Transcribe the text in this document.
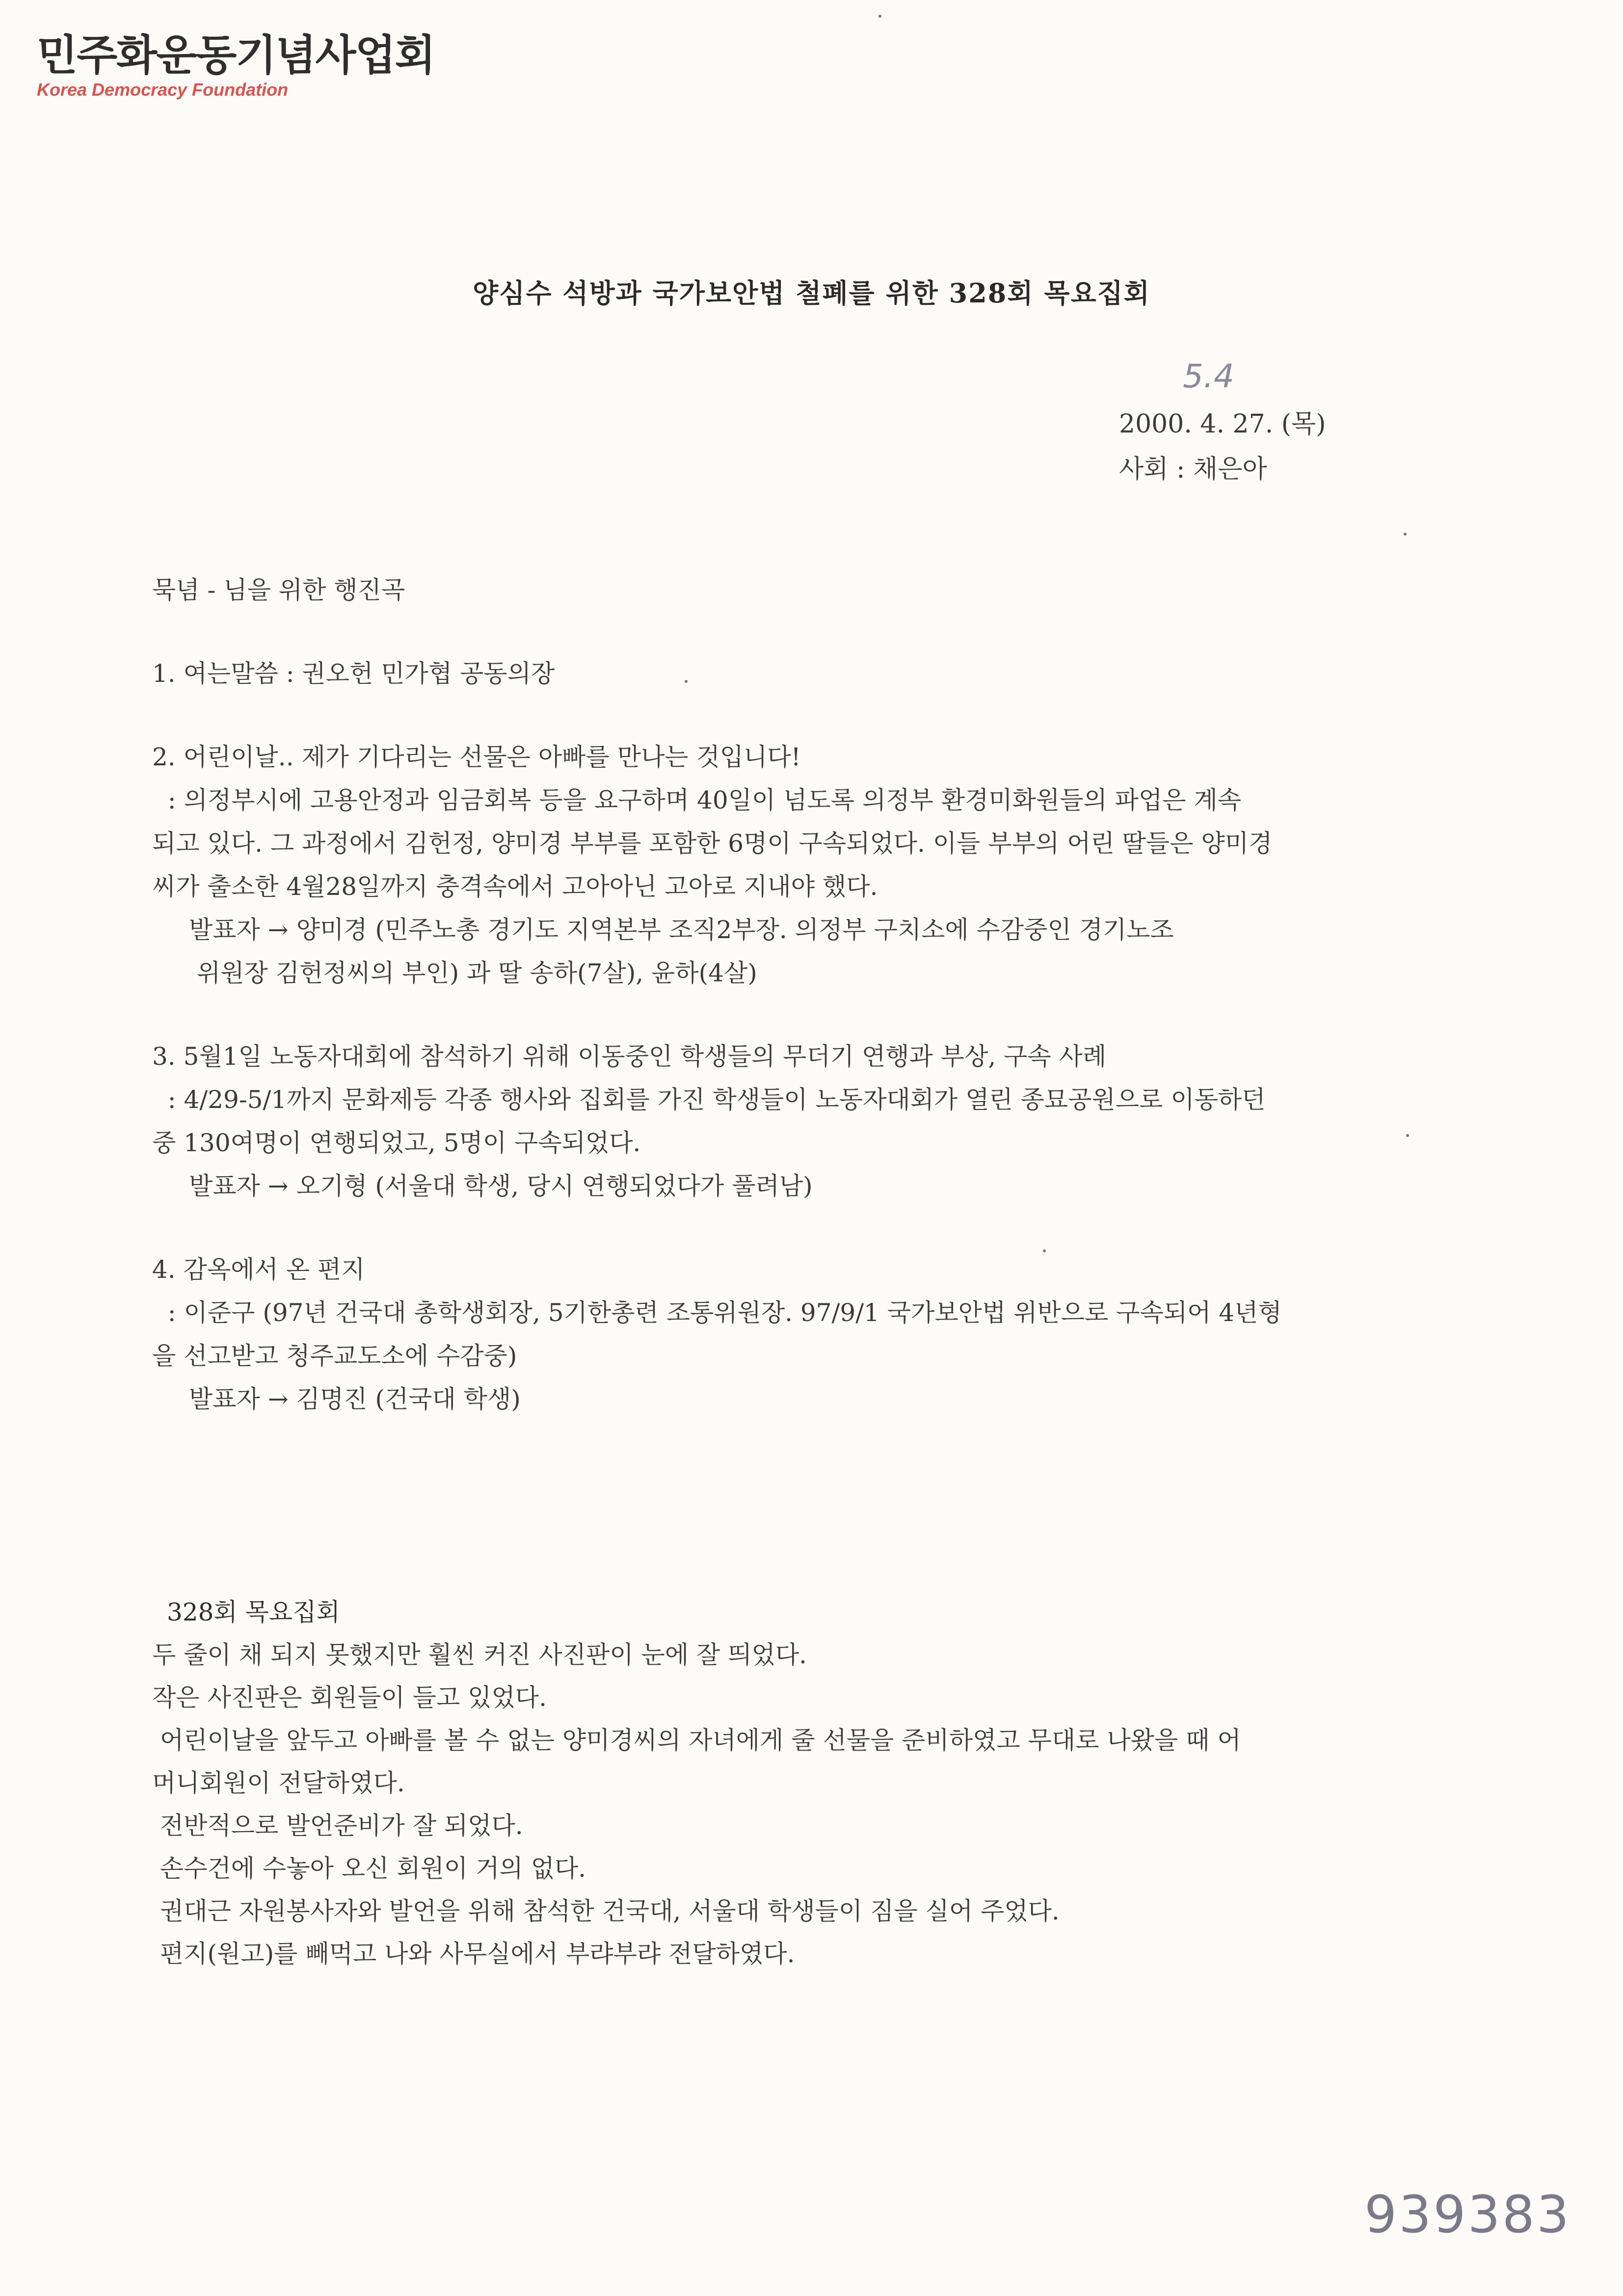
민주화운동기념사업회
Korea Democracy Foundation
양심수 석방과 국가보안법 철폐를 위한 328회 목요집회
5.4
2000. 4. 27. (목)
사회 : 채은아

묵념 - 님을 위한 행진곡

1. 여는말씀 : 권오헌 민가협 공동의장

2. 어린이날.. 제가 기다리는 선물은 아빠를 만나는 것입니다!

: 의정부시에 고용안정과 임금회복 등을 요구하며 40일이 넘도록 의정부 환경미화원들의 파업은 계속

되고 있다. 그 과정에서 김헌정, 양미경 부부를 포함한 6명이 구속되었다. 이들 부부의 어린 딸들은 양미경

씨가 출소한 4월28일까지 충격속에서 고아아닌 고아로 지내야 했다.

발표자 → 양미경 (민주노총 경기도 지역본부 조직2부장. 의정부 구치소에 수감중인 경기노조

위원장 김헌정씨의 부인) 과 딸 송하(7살), 윤하(4살)

3. 5월1일 노동자대회에 참석하기 위해 이동중인 학생들의 무더기 연행과 부상, 구속 사례

: 4/29-5/1까지 문화제등 각종 행사와 집회를 가진 학생들이 노동자대회가 열린 종묘공원으로 이동하던

중 130여명이 연행되었고, 5명이 구속되었다.

발표자 → 오기형 (서울대 학생, 당시 연행되었다가 풀려남)

4. 감옥에서 온 편지

: 이준구 (97년 건국대 총학생회장, 5기한총련 조통위원장. 97/9/1 국가보안법 위반으로 구속되어 4년형

을 선고받고 청주교도소에 수감중)

발표자 → 김명진 (건국대 학생)

328회 목요집회

두 줄이 채 되지 못했지만 훨씬 커진 사진판이 눈에 잘 띄었다.

작은 사진판은 회원들이 들고 있었다.

어린이날을 앞두고 아빠를 볼 수 없는 양미경씨의 자녀에게 줄 선물을 준비하였고 무대로 나왔을 때 어

머니회원이 전달하였다.

전반적으로 발언준비가 잘 되었다.

손수건에 수놓아 오신 회원이 거의 없다.

권대근 자원봉사자와 발언을 위해 참석한 건국대, 서울대 학생들이 짐을 실어 주었다.

편지(원고)를 빼먹고 나와 사무실에서 부랴부랴 전달하였다.

939383
